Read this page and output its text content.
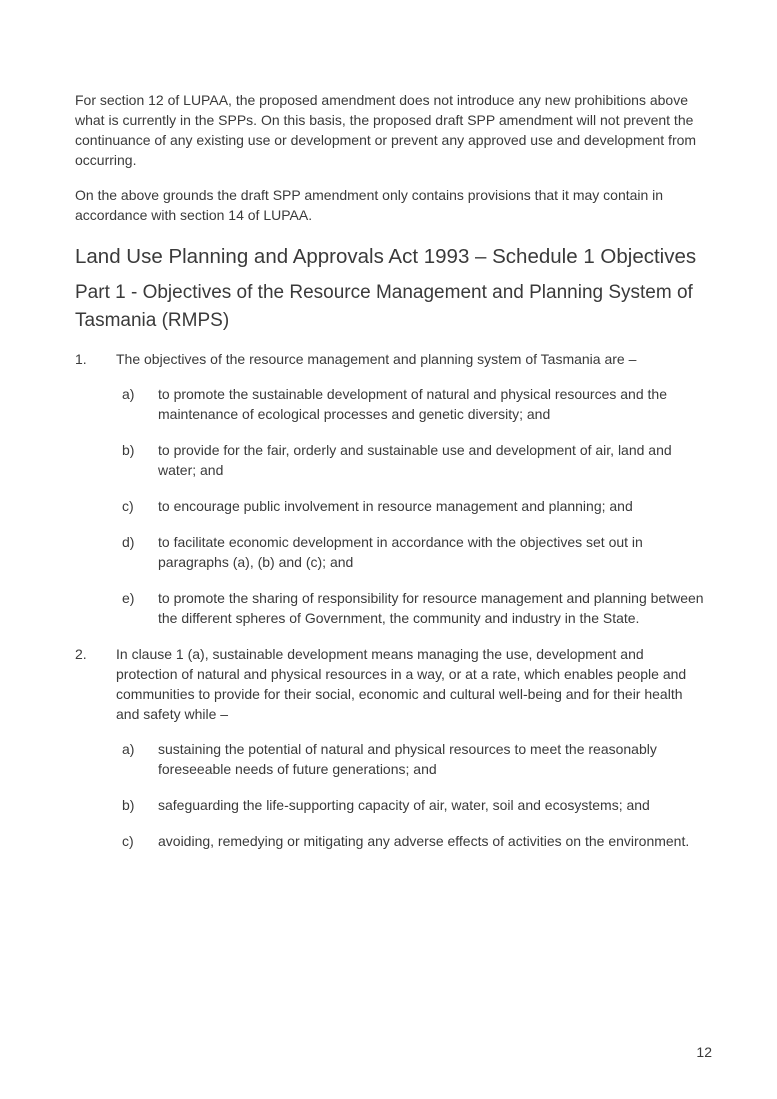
For section 12 of LUPAA, the proposed amendment does not introduce any new prohibitions above what is currently in the SPPs. On this basis, the proposed draft SPP amendment will not prevent the continuance of any existing use or development or prevent any approved use and development from occurring.

On the above grounds the draft SPP amendment only contains provisions that it may contain in accordance with section 14 of LUPAA.

Land Use Planning and Approvals Act 1993 – Schedule 1 Objectives
Part 1 - Objectives of the Resource Management and Planning System of Tasmania (RMPS)
1.	The objectives of the resource management and planning system of Tasmania are –
a)	to promote the sustainable development of natural and physical resources and the maintenance of ecological processes and genetic diversity; and
b)	to provide for the fair, orderly and sustainable use and development of air, land and water; and
c)	to encourage public involvement in resource management and planning; and
d)	to facilitate economic development in accordance with the objectives set out in paragraphs (a), (b) and (c); and
e)	to promote the sharing of responsibility for resource management and planning between the different spheres of Government, the community and industry in the State.
2.	In clause 1 (a), sustainable development means managing the use, development and protection of natural and physical resources in a way, or at a rate, which enables people and communities to provide for their social, economic and cultural well-being and for their health and safety while –
a)	sustaining the potential of natural and physical resources to meet the reasonably foreseeable needs of future generations; and
b)	safeguarding the life-supporting capacity of air, water, soil and ecosystems; and
c)	avoiding, remedying or mitigating any adverse effects of activities on the environment.
12
